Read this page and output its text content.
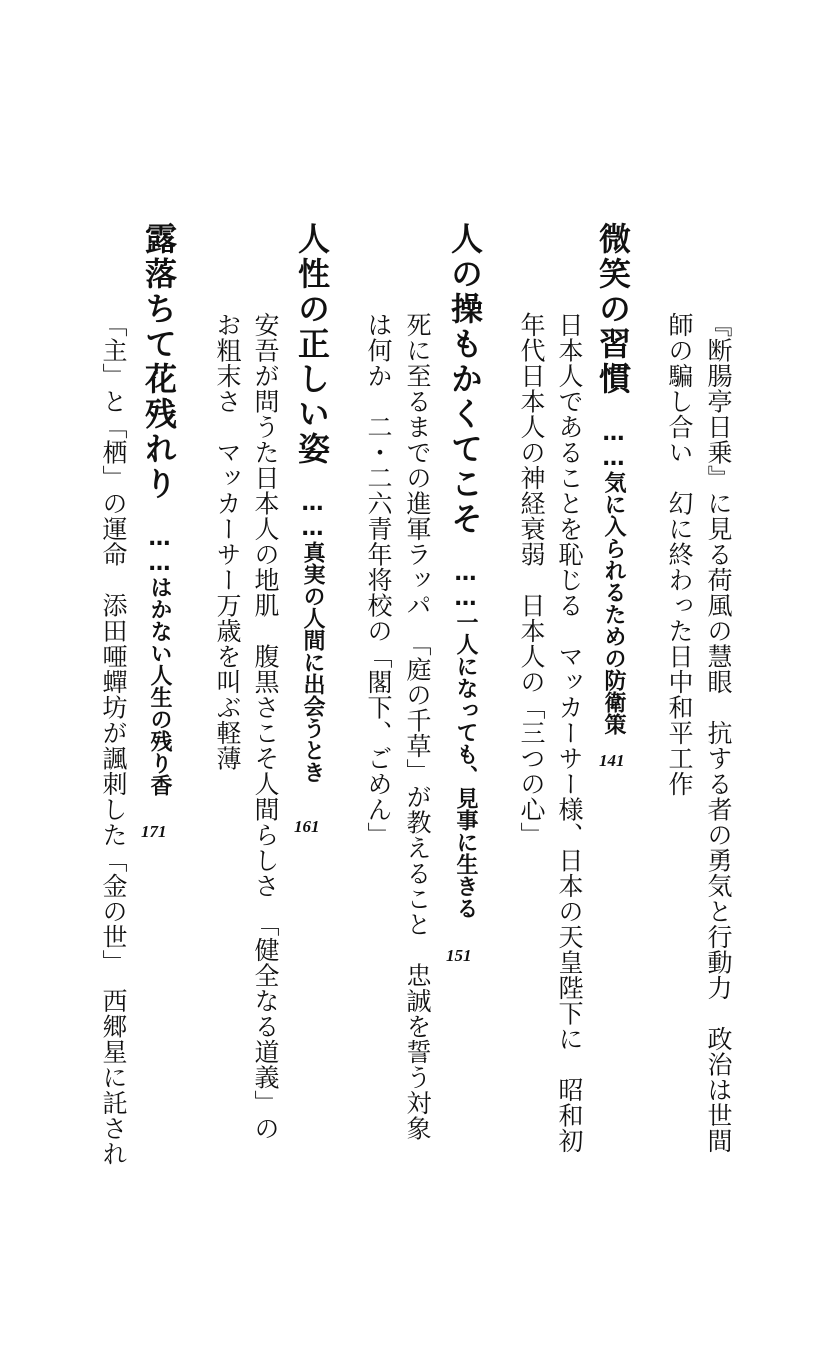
『断腸亭日乗』に見る荷風の慧眼　抗する者の勇気と行動力　政治は世間
師の騙し合い　幻に終わった日中和平工作
微笑の習慣……気に入られるための防衛策
141
日本人であることを恥じる　マッカーサー様、日本の天皇陛下に　昭和初
年代日本人の神経衰弱　日本人の「三つの心」
人の操もかくてこそ……一人になっても、見事に生きる
151
死に至るまでの進軍ラッパ　「庭の千草」が教えること　忠誠を誓う対象
は何か　二・二六青年将校の「閣下、ごめん」
人性の正しい姿……真実の人間に出会うとき
161
安吾が問うた日本人の地肌　腹黒さこそ人間らしさ　「健全なる道義」の
お粗末さ　マッカーサー万歳を叫ぶ軽薄
露落ちて花残れり……はかない人生の残り香
171
「主」と「栖」の運命　添田唖蟬坊が諷刺した「金の世」　西郷星に託され
